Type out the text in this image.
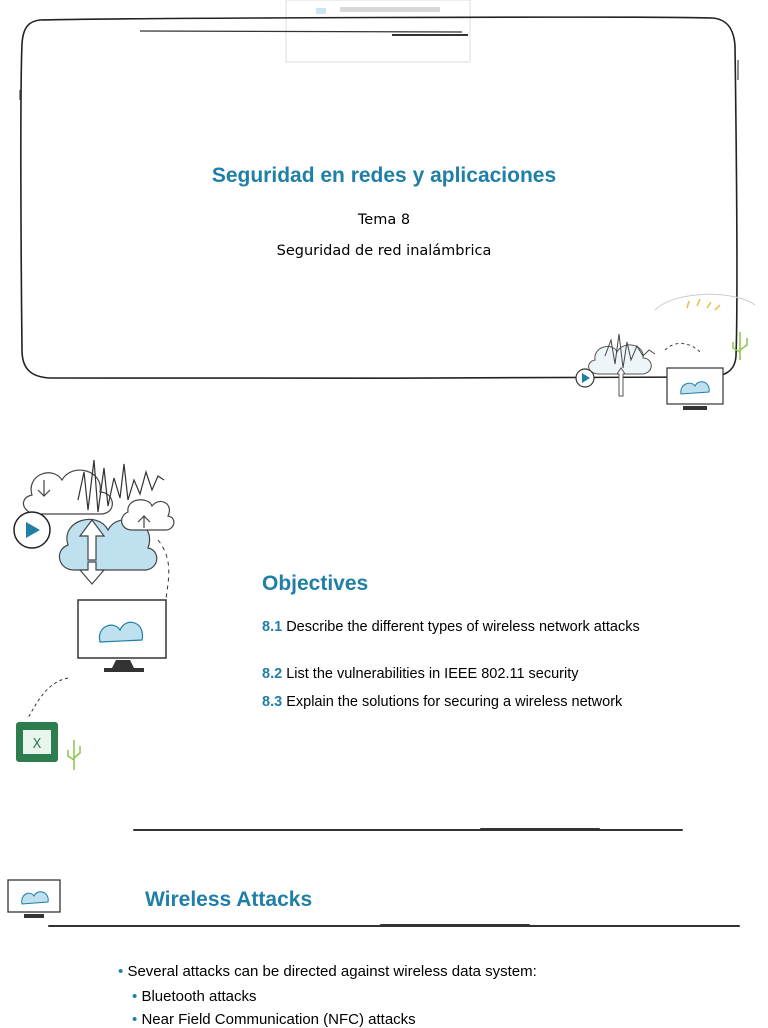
Seguridad en redes y aplicaciones
Tema 8
Seguridad de red inalámbrica
X
Objectives
8.1 Describe the different types of wireless network attacks
8.2 List the vulnerabilities in IEEE 802.11 security
8.3 Explain the solutions for securing a wireless network
Wireless Attacks
• Several attacks can be directed against wireless data system:
• Bluetooth attacks
• Near Field Communication (NFC) attacks
